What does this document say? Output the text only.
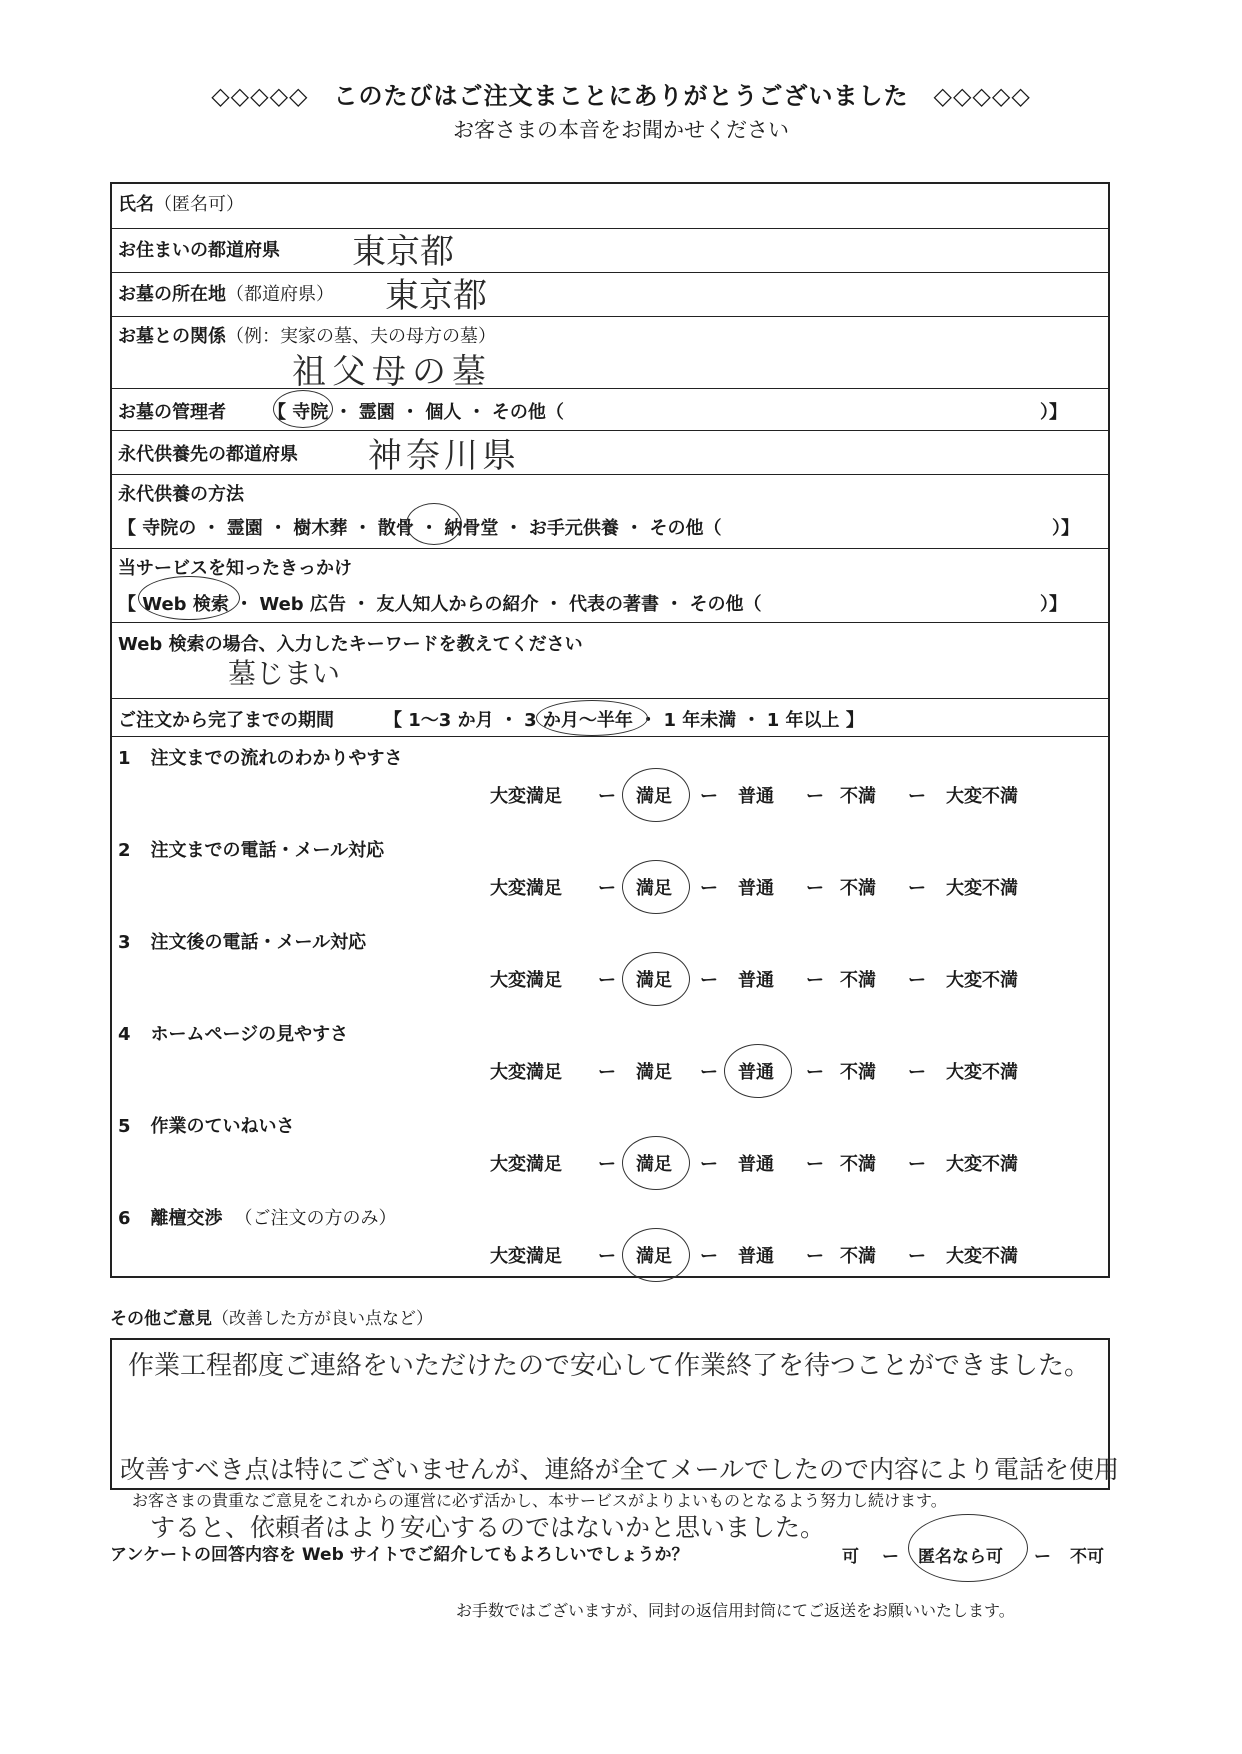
◇◇◇◇◇　このたびはご注文まことにありがとうございました　◇◇◇◇◇
お客さまの本音をお聞かせください
氏名（匿名可）
お住まいの都道府県 東京都
お墓の所在地（都道府県） 東京都
お墓との関係（例：実家の墓、夫の母方の墓）
祖父母の墓
お墓の管理者 【 寺院 ・ 霊園 ・ 個人 ・ その他（	）】
永代供養先の都道府県 神奈川県
永代供養の方法
【 寺院の ・ 霊園 ・ 樹木葬 ・ 散骨 ・ 納骨堂 ・ お手元供養 ・ その他（	）】
当サービスを知ったきっかけ
【 Web 検索 ・ Web 広告 ・ 友人知人からの紹介 ・ 代表の著書 ・ その他（	）】
Web 検索の場合、入力したキーワードを教えてください
墓じまい
ご注文から完了までの期間	【 1～3 か月 ・ 3 か月～半年 ・ 1 年未満 ・ 1 年以上 】
1 注文までの流れのわかりやすさ
大変満足	満足	普通	不満	大変不満
ー	ー	ー	ー
2 注文までの電話・メール対応
大変満足	満足	普通	不満	大変不満
ー	ー	ー	ー
3 注文後の電話・メール対応
大変満足	満足	普通	不満	大変不満
ー	ー	ー	ー
4 ホームページの見やすさ
大変満足	満足	普通	不満	大変不満
ー	ー	ー	ー
5 作業のていねいさ
大変満足	満足	普通	不満	大変不満
ー	ー	ー	ー
6 離檀交渉 （ご注文の方のみ）
大変満足	満足	普通	不満	大変不満
ー	ー	ー	ー
その他ご意見（改善した方が良い点など）
作業工程都度ご連絡をいただけたので安心して作業終了を待つことができました。
改善すべき点は特にございませんが、連絡が全てメールでしたので内容により電話を使用
すると、依頼者はより安心するのではないかと思いました。
お客さまの貴重なご意見をこれからの運営に必ず活かし、本サービスがよりよいものとなるよう努力し続けます。
アンケートの回答内容を Web サイトでご紹介してもよろしいでしょうか？	可 ー 匿名なら可 ー 不可
お手数ではございますが、同封の返信用封筒にてご返送をお願いいたします。
